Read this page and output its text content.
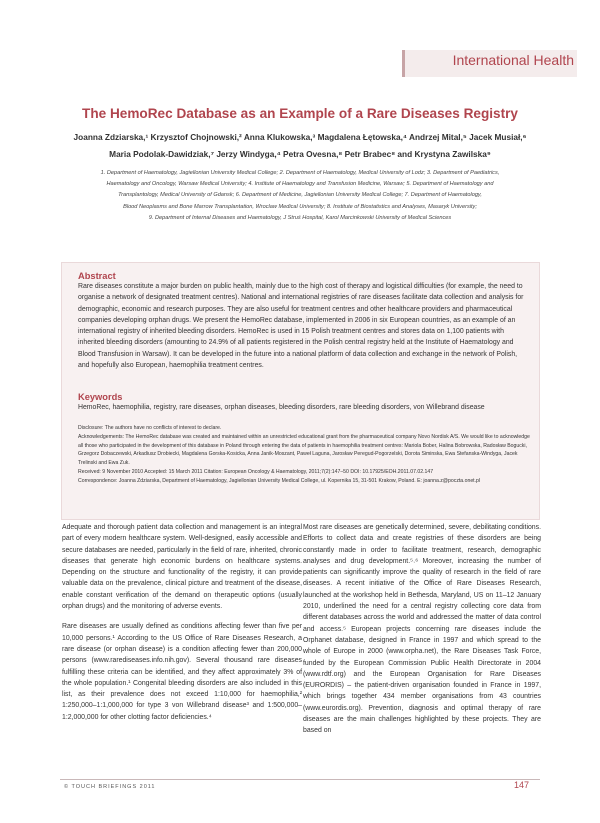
International Health
The HemoRec Database as an Example of a Rare Diseases Registry
Joanna Zdziarska,¹ Krzysztof Chojnowski,² Anna Klukowska,³ Magdalena Łętowska,⁴ Andrzej Mital,⁵ Jacek Musiał,⁶
Maria Podolak-Dawidziak,⁷ Jerzy Windyga,⁴ Petra Ovesna,⁸ Petr Brabec⁸ and Krystyna Zawilska⁹
1. Department of Haematology, Jagiellonian University Medical College; 2. Department of Haematology, Medical University of Lodz; 3. Department of Paediatrics,
Haematology and Oncology, Warsaw Medical University; 4. Institute of Haematology and Transfusion Medicine, Warsaw; 5. Department of Haematology and
Transplantology, Medical University of Gdansk; 6. Department of Medicine, Jagiellonian University Medical College; 7. Department of Haematology,
Blood Neoplasms and Bone Marrow Transplantation, Wroclaw Medical University; 8. Institute of Biostatistics and Analyses, Masaryk University;
9. Department of Internal Diseases and Haematology, J Struś Hospital, Karol Marcinkowski University of Medical Sciences
Abstract
Rare diseases constitute a major burden on public health, mainly due to the high cost of therapy and logistical difficulties (for example, the need to organise a network of designated treatment centres). National and international registries of rare diseases facilitate data collection and analysis for demographic, economic and research purposes. They are also useful for treatment centres and other healthcare providers and pharmaceutical companies developing orphan drugs. We present the HemoRec database, implemented in 2006 in six European countries, as an example of an international registry of inherited bleeding disorders. HemoRec is used in 15 Polish treatment centres and stores data on 1,100 patients with inherited bleeding disorders (amounting to 24.9% of all patients registered in the Polish central registry held at the Institute of Haematology and Blood Transfusion in Warsaw). It can be developed in the future into a national platform of data collection and exchange in the network of Polish, and hopefully also European, haemophilia treatment centres.
Keywords
HemoRec, haemophilia, registry, rare diseases, orphan diseases, bleeding disorders, rare bleeding disorders, von Willebrand disease
Disclosure: The authors have no conflicts of interest to declare.
Acknowledgements: The HemoRec database was created and maintained within an unrestricted educational grant from the pharmaceutical company Novo Nordisk A/S. We would like to acknowledge all those who participated in the development of this database in Poland through entering the data of patients in haemophilia treatment centres: Mariola Bober, Halina Bobrowska, Radosław Bogucki, Grzegorz Dobaczewski, Arkadiusz Drobiecki, Magdalena Gorska-Kosicka, Anna Janik-Moszant, Paweł Laguna, Jarosław Peregud-Pogorzelski, Dorota Siminska, Ewa Stefanska-Windyga, Jacek Trelinski and Ewa Zuk.
Received: 9 November 2010 Accepted: 15 March 2011 Citation: European Oncology & Haematology, 2011;7(2):147–50 DOI: 10.17925/EOH.2011.07.02.147
Correspondence: Joanna Zdziarska, Department of Haematology, Jagiellonian University Medical College, ul. Kopernika 15, 31-501 Krakow, Poland. E: joanna.z@poczta.onet.pl

Adequate and thorough patient data collection and management is an integral part of every modern healthcare system. Well-designed, easily accessible and secure databases are needed, particularly in the field of rare, inherited, chronic diseases that generate high economic burdens on healthcare systems. Depending on the structure and functionality of the registry, it can provide valuable data on the prevalence, clinical picture and treatment of the disease, enable constant verification of the demand on therapeutic options (usually orphan drugs) and the monitoring of adverse events.

Rare diseases are usually defined as conditions affecting fewer than five per 10,000 persons.¹ According to the US Office of Rare Diseases Research, a rare disease (or orphan disease) is a condition affecting fewer than 200,000 persons (www.rarediseases.info.nih.gov). Several thousand rare diseases fulfilling these criteria can be identified, and they affect approximately 3% of the whole population.¹ Congenital bleeding disorders are also included in this list, as their prevalence does not exceed 1:10,000 for haemophilia,² 1:250,000–1:1,000,000 for type 3 von Willebrand disease³ and 1:500,000–1:2,000,000 for other clotting factor deficiencies.⁴

Most rare diseases are genetically determined, severe, debilitating conditions. Efforts to collect data and create registries of these disorders are being constantly made in order to facilitate treatment, research, demographic analyses and drug development.⁵˒⁶ Moreover, increasing the number of patients can significantly improve the quality of research in the field of rare diseases. A recent initiative of the Office of Rare Diseases Research, launched at the workshop held in Bethesda, Maryland, US on 11–12 January 2010, underlined the need for a central registry collecting core data from different databases across the world and addressed the matter of data control and access.⁵ European projects concerning rare diseases include the Orphanet database, designed in France in 1997 and which spread to the whole of Europe in 2000 (www.orpha.net), the Rare Diseases Task Force, funded by the European Commission Public Health Directorate in 2004 (www.rdtf.org) and the European Organisation for Rare Diseases (EURORDIS) – the patient-driven organisation founded in France in 1997, which brings together 434 member organisations from 43 countries (www.eurordis.org). Prevention, diagnosis and optimal therapy of rare diseases are the main challenges highlighted by these projects. They are based on

© TOUCH BRIEFINGS 2011	147
